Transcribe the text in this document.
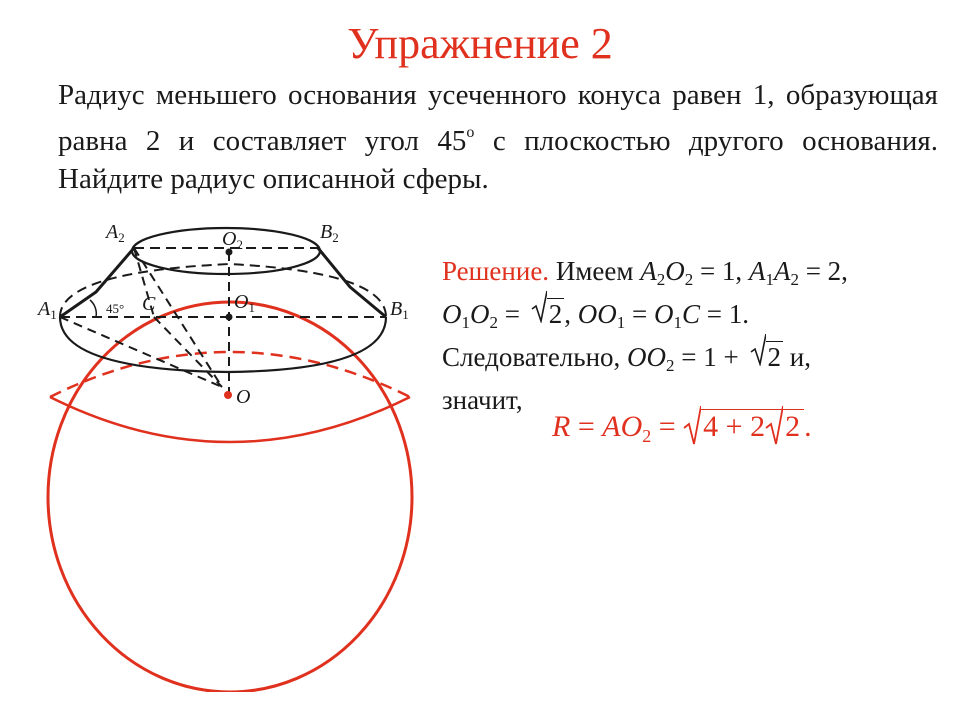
Упражнение 2
Радиус меньшего основания усеченного конуса равен 1, образующая равна 2 и составляет угол 45$^o$ с плоскостью другого основания. Найдите радиус описанной сферы.
$A_2$	$O_2$
$B_2$
$A_1$
$O_1$	$B_1$
C
45°
O
Решение. Имеем $A_2O_2 = 1$, $A_1A_2 = 2$,
$O_1O_2$ =
2, $OO_1 = O_1C = 1$.
Следовательно, $OO_2 = 1$ +
2 и,
значит,
$R = AO_2$ =
4 + 2 2 .
